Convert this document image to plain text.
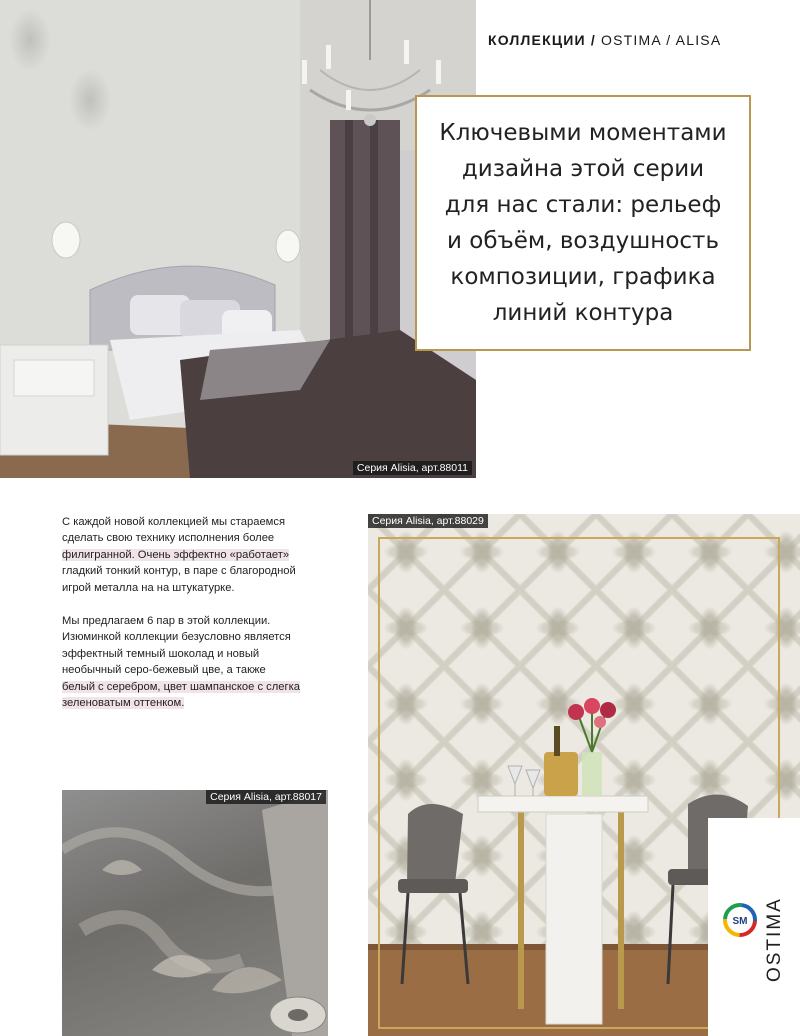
Серия Alisia, арт.88011
КОЛЛЕКЦИИ / OSTIMA / ALISA
Ключевыми моментами
дизайна этой серии
для нас стали: рельеф
и объём, воздушность
композиции, графика
линий контура
С каждой новой коллекцией мы стараемся
сделать свою технику исполнения более
филигранной. Очень эффектно «работает»
гладкий тонкий контур, в паре с благородной
игрой металла на на штукатурке.
Мы предлагаем 6 пар в этой коллекции.
Изюминкой коллекции безусловно является
эффектный темный шоколад и новый
необычный серо-бежевый цве, а также
белый с серебром, цвет шампанское с слегка
зеленоватым оттенком.
Серия Alisia, арт.88017
Серия Alisia, арт.88029
SM OSTIMA
